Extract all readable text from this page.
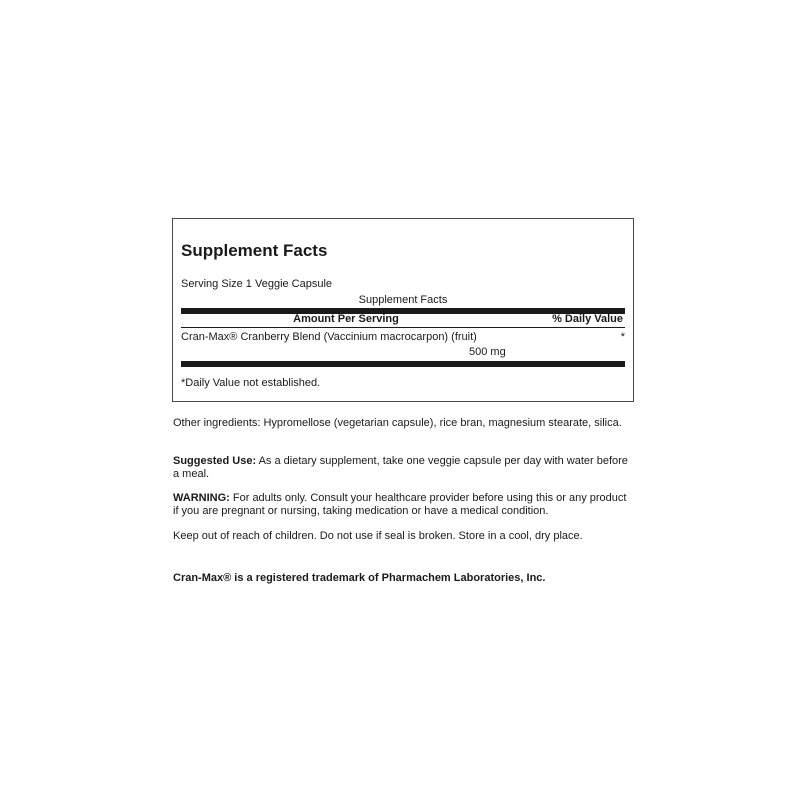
Supplement Facts
Serving Size 1 Veggie Capsule
Supplement Facts
Amount Per Serving	% Daily Value
Cran-Max® Cranberry Blend (Vaccinium macrocarpon) (fruit)	*
500 mg
*Daily Value not established.

Other ingredients: Hypromellose (vegetarian capsule), rice bran, magnesium stearate, silica.

Suggested Use: As a dietary supplement, take one veggie capsule per day with water before a meal.

WARNING: For adults only. Consult your healthcare provider before using this or any product if you are pregnant or nursing, taking medication or have a medical condition.

Keep out of reach of children. Do not use if seal is broken. Store in a cool, dry place.

Cran-Max® is a registered trademark of Pharmachem Laboratories, Inc.
